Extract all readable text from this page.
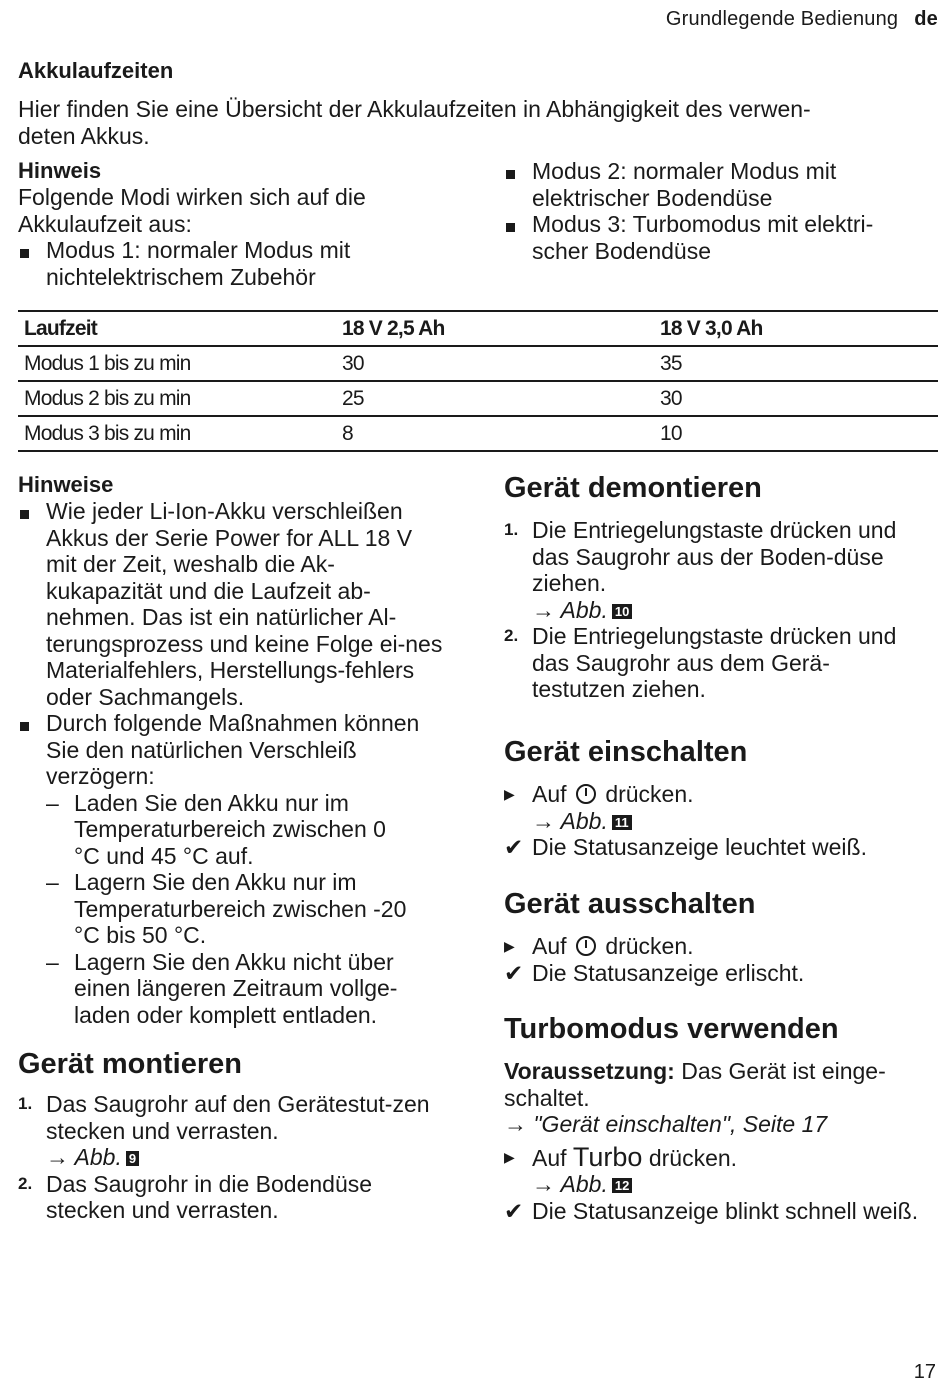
Grundlegende Bedienung de
Akkulaufzeiten
Hier finden Sie eine Übersicht der Akkulaufzeiten in Abhängigkeit des verwen-
deten Akkus.
Hinweis
Folgende Modi wirken sich auf die
Akkulaufzeit aus:
Modus 1: normaler Modus mit nichtelektrischem Zubehör
Modus 2: normaler Modus mit elektrischer Bodendüse
Modus 3: Turbomodus mit elektri-scher Bodendüse
Laufzeit	18 V 2,5 Ah	18 V 3,0 Ah
Modus 1 bis zu min	30	35
Modus 2 bis zu min	25	30
Modus 3 bis zu min	8	10
Hinweise
Wie jeder Li-Ion-Akku verschleißen Akkus der Serie Power for ALL 18 V mit der Zeit, weshalb die Ak-kukapazität und die Laufzeit ab-nehmen. Das ist ein natürlicher Al-terungsprozess und keine Folge ei-nes Materialfehlers, Herstellungs-fehlers oder Sachmangels.
Durch folgende Maßnahmen können Sie den natürlichen Verschleiß verzögern:
– Laden Sie den Akku nur im Temperaturbereich zwischen 0 °C und 45 °C auf.
– Lagern Sie den Akku nur im Temperaturbereich zwischen -20 °C bis 50 °C.
– Lagern Sie den Akku nicht über einen längeren Zeitraum vollge-laden oder komplett entladen.
Gerät montieren
1. Das Saugrohr auf den Gerätestut-zen stecken und verrasten.
→ Abb. 9
2. Das Saugrohr in die Bodendüse stecken und verrasten.
Gerät demontieren
1. Die Entriegelungstaste drücken und das Saugrohr aus der Boden-düse ziehen.
→ Abb. 10
2. Die Entriegelungstaste drücken und das Saugrohr aus dem Gerä-testutzen ziehen.
Gerät einschalten
▶ Auf drücken.
→ Abb. 11
✔ Die Statusanzeige leuchtet weiß.
Gerät ausschalten
▶ Auf drücken.
✔ Die Statusanzeige erlischt.
Turbomodus verwenden
Voraussetzung: Das Gerät ist einge-schaltet.
→ "Gerät einschalten", Seite 17
▶ Auf Turbo drücken.
→ Abb. 12
✔ Die Statusanzeige blinkt schnell weiß.
17
